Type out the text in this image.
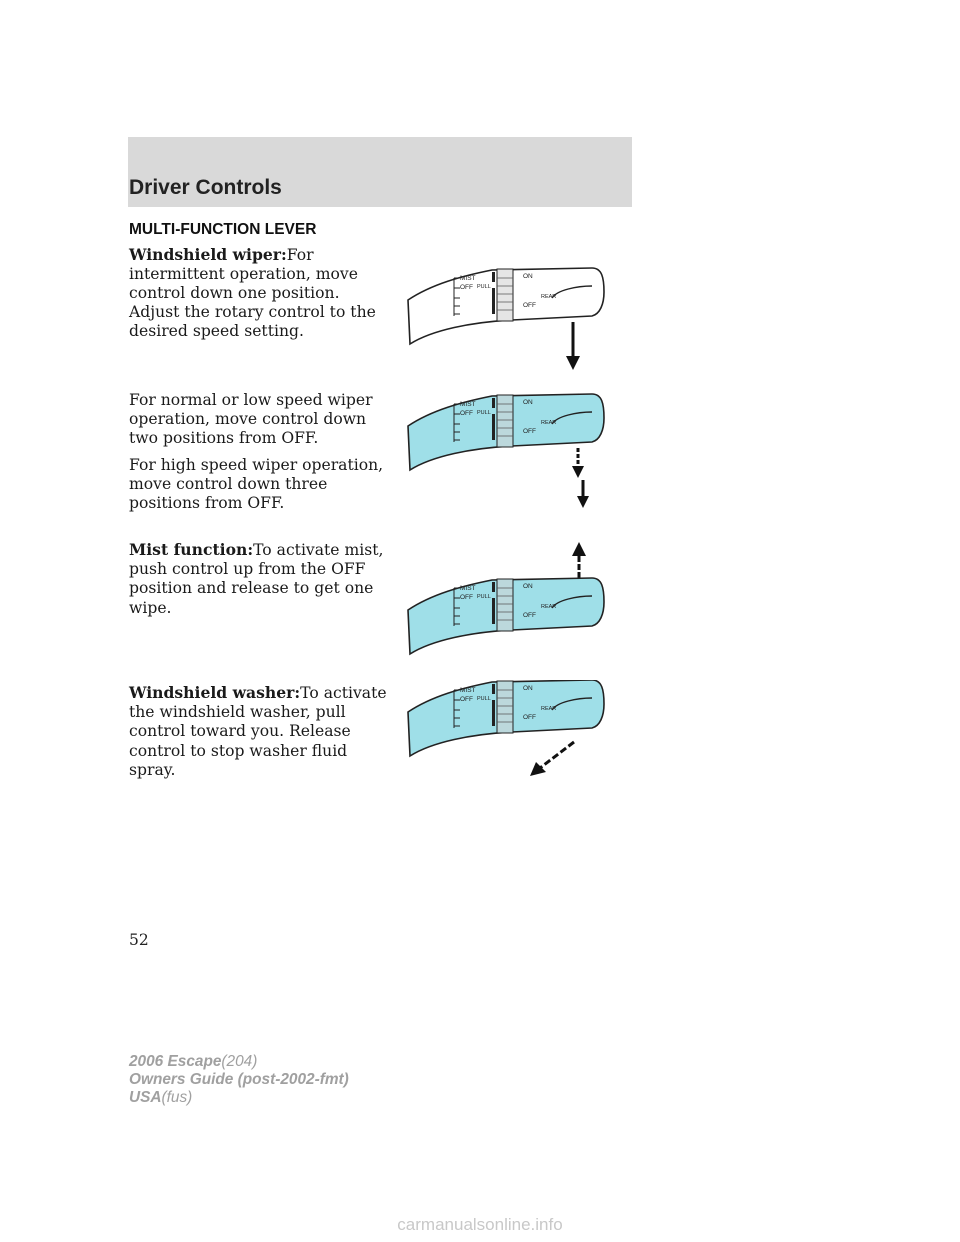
Driver Controls
MULTI-FUNCTION LEVER

Windshield wiper:For intermittent operation, move control down one position.

Adjust the rotary control to the desired speed setting.

For normal or low speed wiper operation, move control down two positions from OFF.

For high speed wiper operation, move control down three positions from OFF.

Mist function:To activate mist, push control up from the OFF position and release to get one wipe.

Windshield washer:To activate the windshield washer, pull control toward you. Release control to stop washer fluid spray.

MIST
OFF PULL
ON
OFF
REAR
MIST
OFF PULL
ON
OFF
REAR
MIST
OFF PULL
ON
OFF
REAR
MIST
OFF PULL
ON
OFF
REAR
52
2006 Escape(204)
Owners Guide (post-2002-fmt)
USA(fus)
carmanualsonline.info
